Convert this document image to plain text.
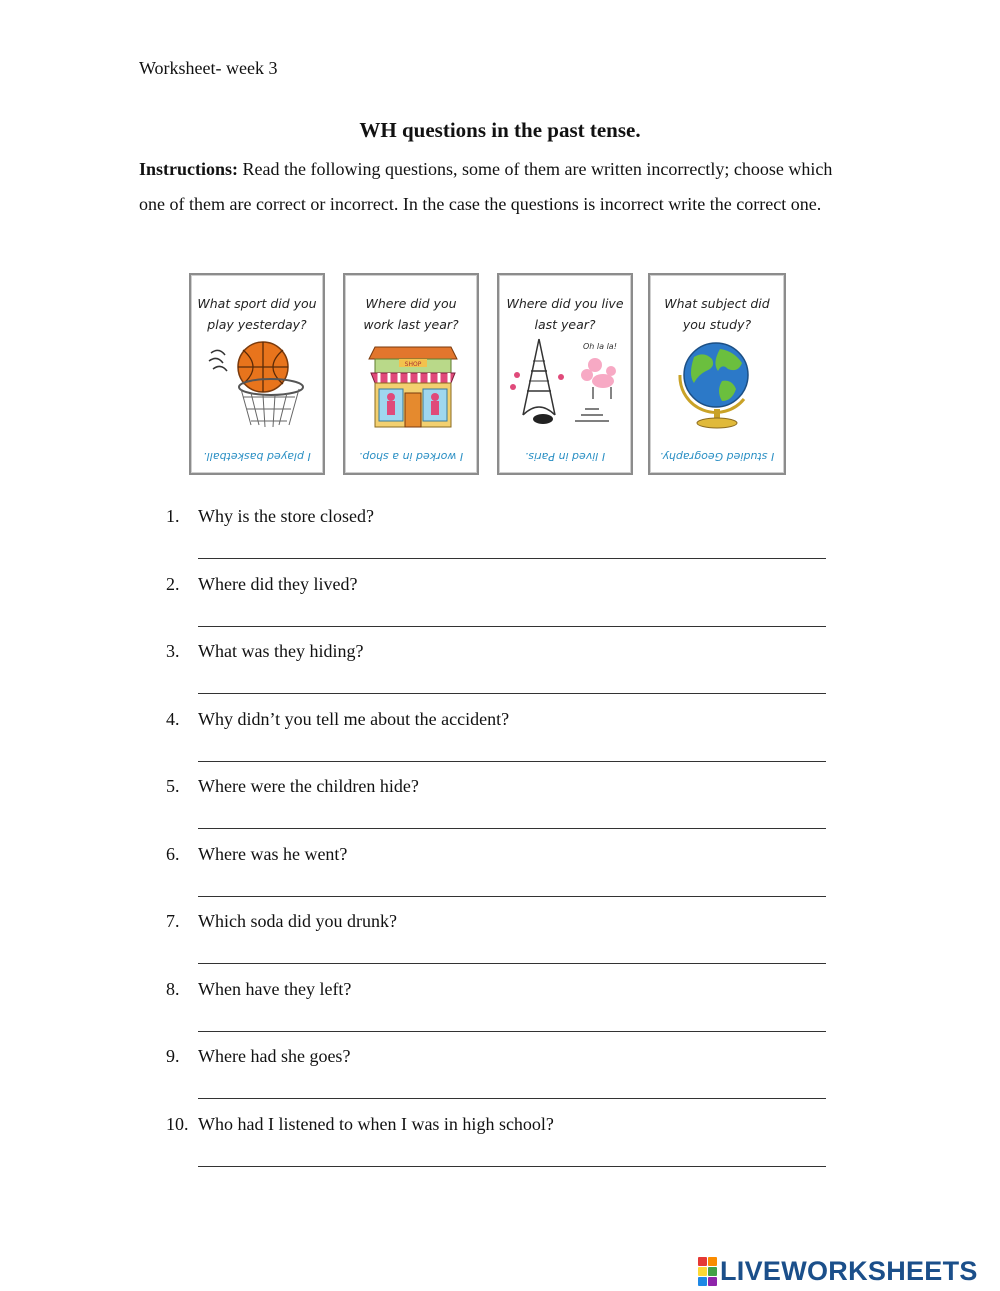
Worksheet- week 3
WH questions in the past tense.
Instructions: Read the following questions, some of them are written incorrectly; choose which one of them are correct or incorrect. In the case the questions is incorrect write the correct one.
What sport did you play yesterday?
I played basketball.
Where did you work last year?
SHOP
I worked in a shop.
Where did you live last year?
Oh la la!
I lived in Paris.
What subject did you study?
I studied Geography.
1. Why is the store closed?
2. Where did they lived?
3. What was they hiding?
4. Why didn’t you tell me about the accident?
5. Where were the children hide?
6. Where was he went?
7. Which soda did you drunk?
8. When have they left?
9. Where had she goes?
10. Who had I listened to when I was in high school?
LIVEWORKSHEETS
